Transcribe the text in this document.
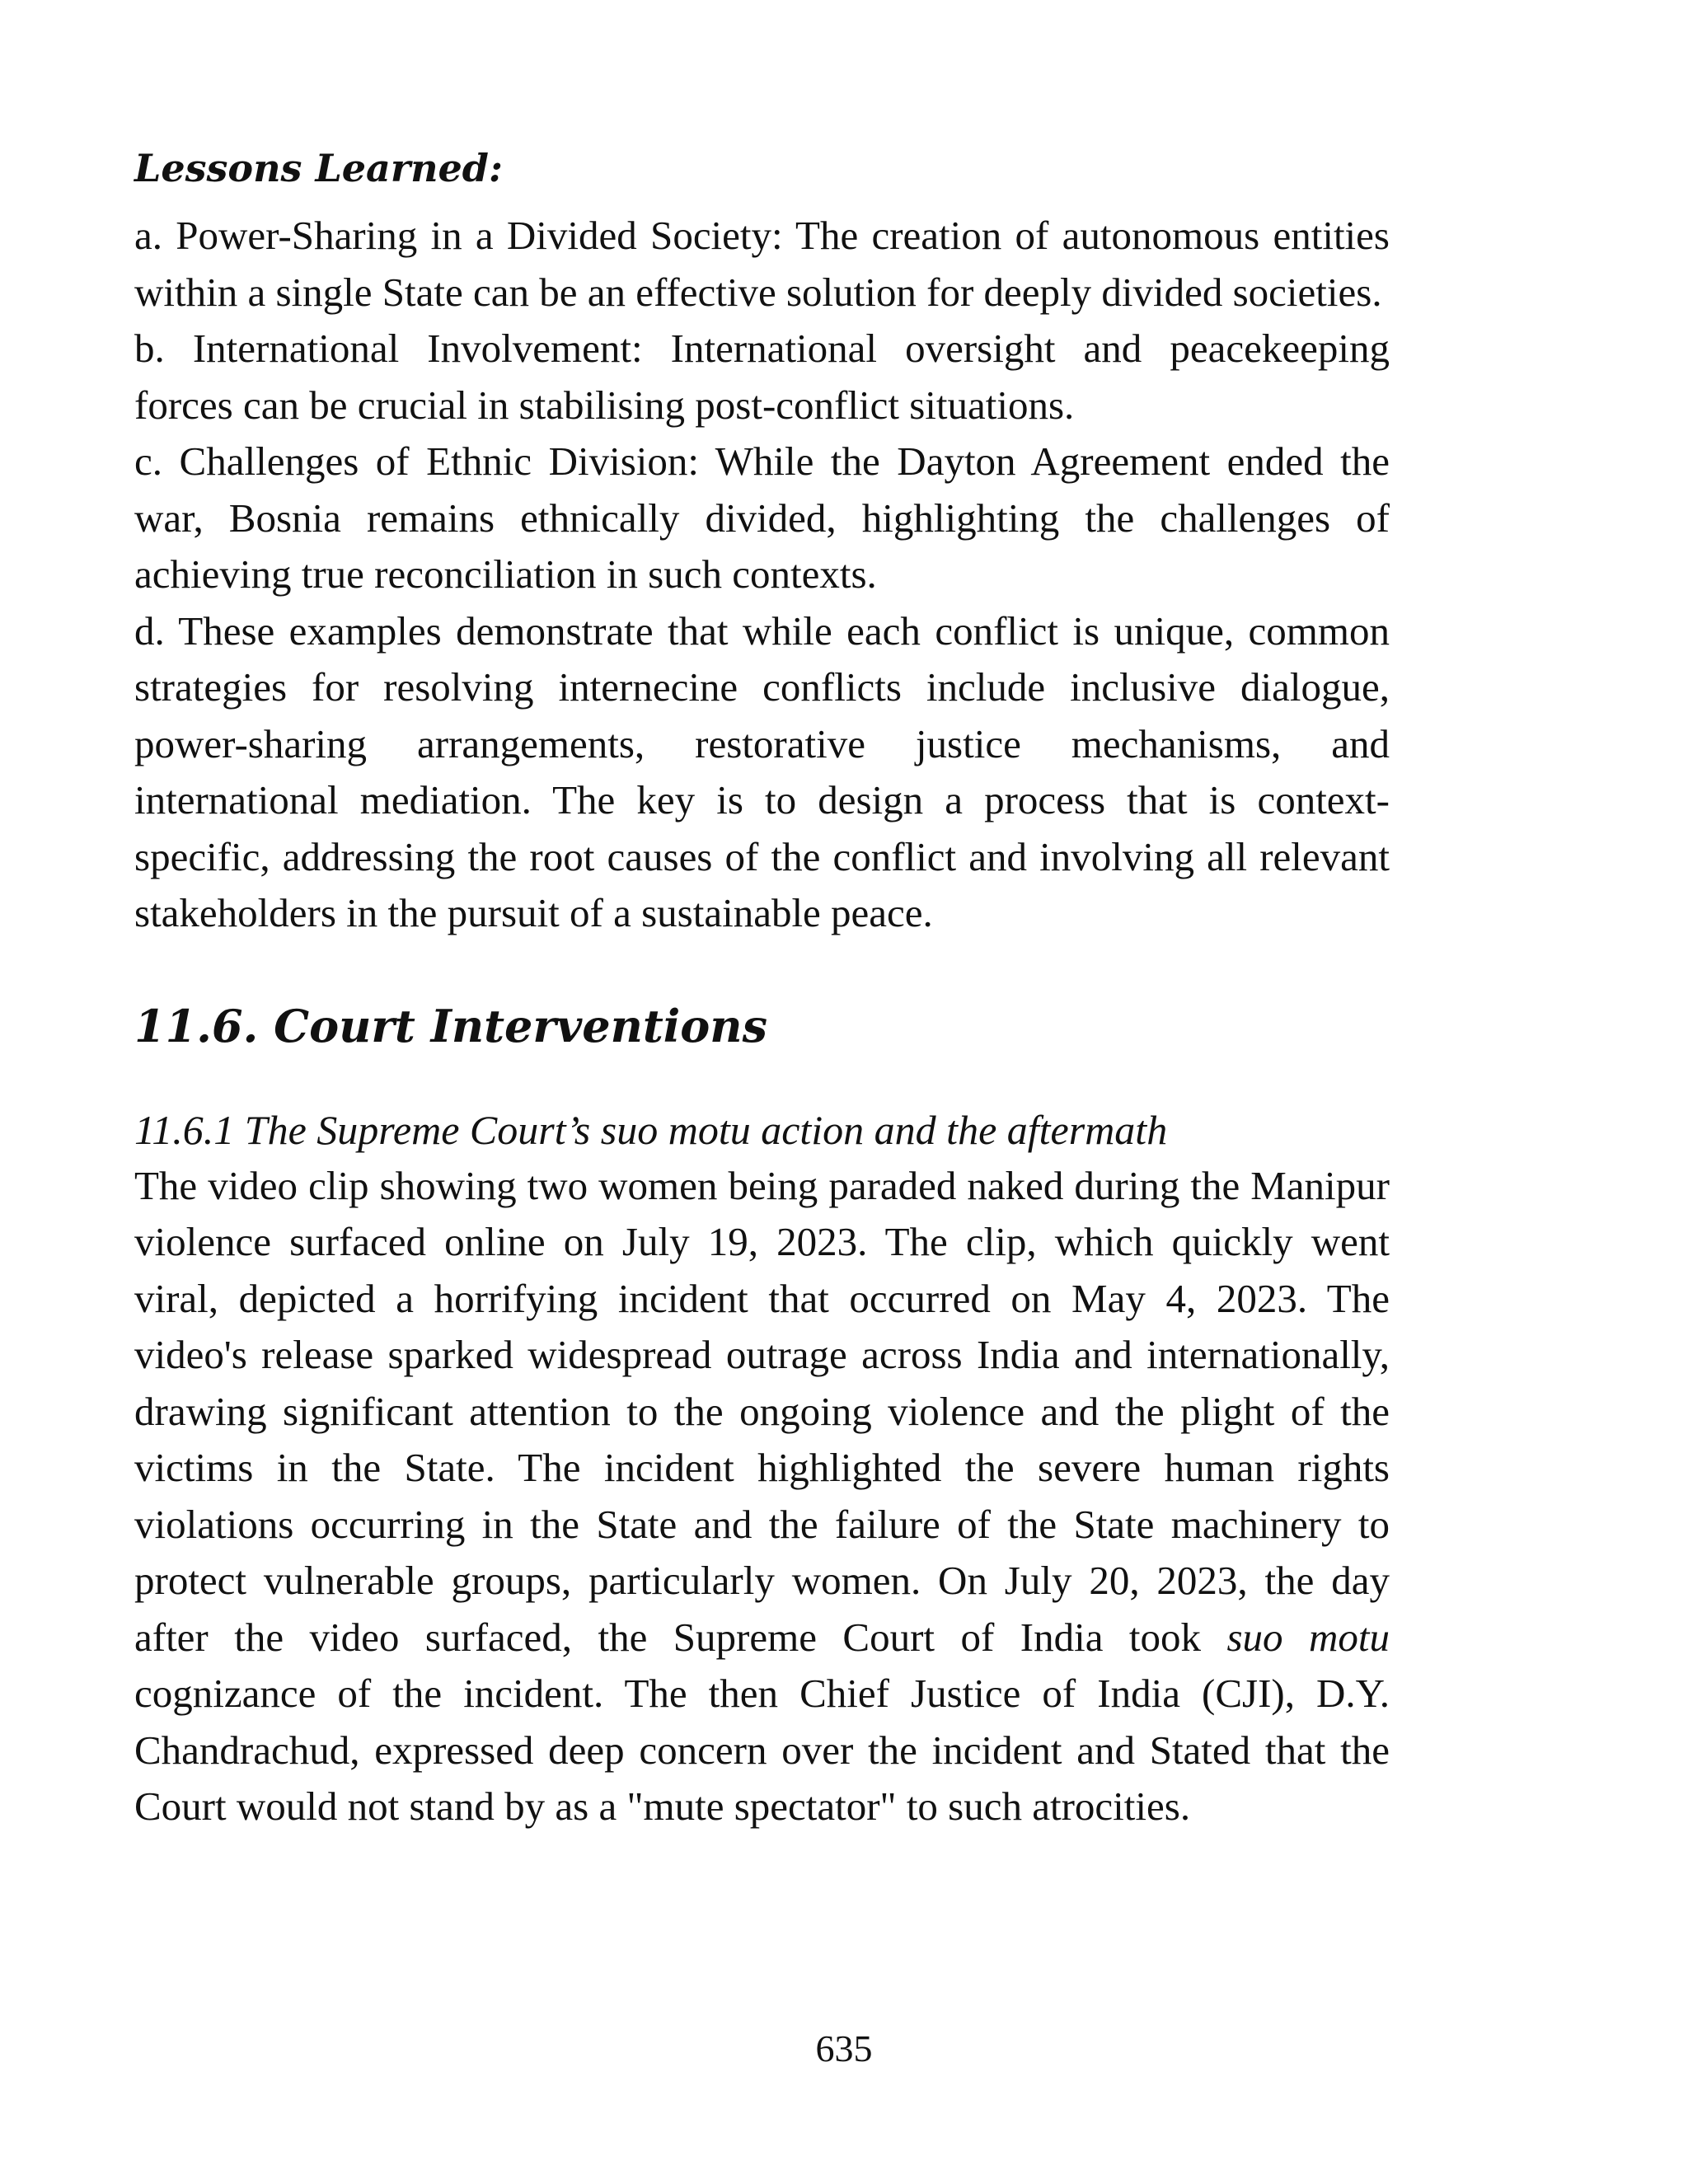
Lessons Learned:

a. Power-Sharing in a Divided Society: The creation of autonomous entities within a single State can be an effective solution for deeply divided societies.

b. International Involvement: International oversight and peacekeeping forces can be crucial in stabilising post-conflict situations.

c. Challenges of Ethnic Division: While the Dayton Agreement ended the war, Bosnia remains ethnically divided, highlighting the challenges of achieving true reconciliation in such contexts.

d. These examples demonstrate that while each conflict is unique, common strategies for resolving internecine conflicts include inclusive dialogue, power-sharing arrangements, restorative justice mechanisms, and international mediation. The key is to design a process that is context-specific, addressing the root causes of the conflict and involving all relevant stakeholders in the pursuit of a sustainable peace.

11.6. Court Interventions
11.6.1 The Supreme Court’s suo motu action and the aftermath

The video clip showing two women being paraded naked during the Manipur violence surfaced online on July 19, 2023. The clip, which quickly went viral, depicted a horrifying incident that occurred on May 4, 2023. The video's release sparked widespread outrage across India and internationally, drawing significant attention to the ongoing violence and the plight of the victims in the State. The incident highlighted the severe human rights violations occurring in the State and the failure of the State machinery to protect vulnerable groups, particularly women. On July 20, 2023, the day after the video surfaced, the Supreme Court of India took suo motu cognizance of the incident. The then Chief Justice of India (CJI), D.Y. Chandrachud, expressed deep concern over the incident and Stated that the Court would not stand by as a "mute spectator" to such atrocities.

635
